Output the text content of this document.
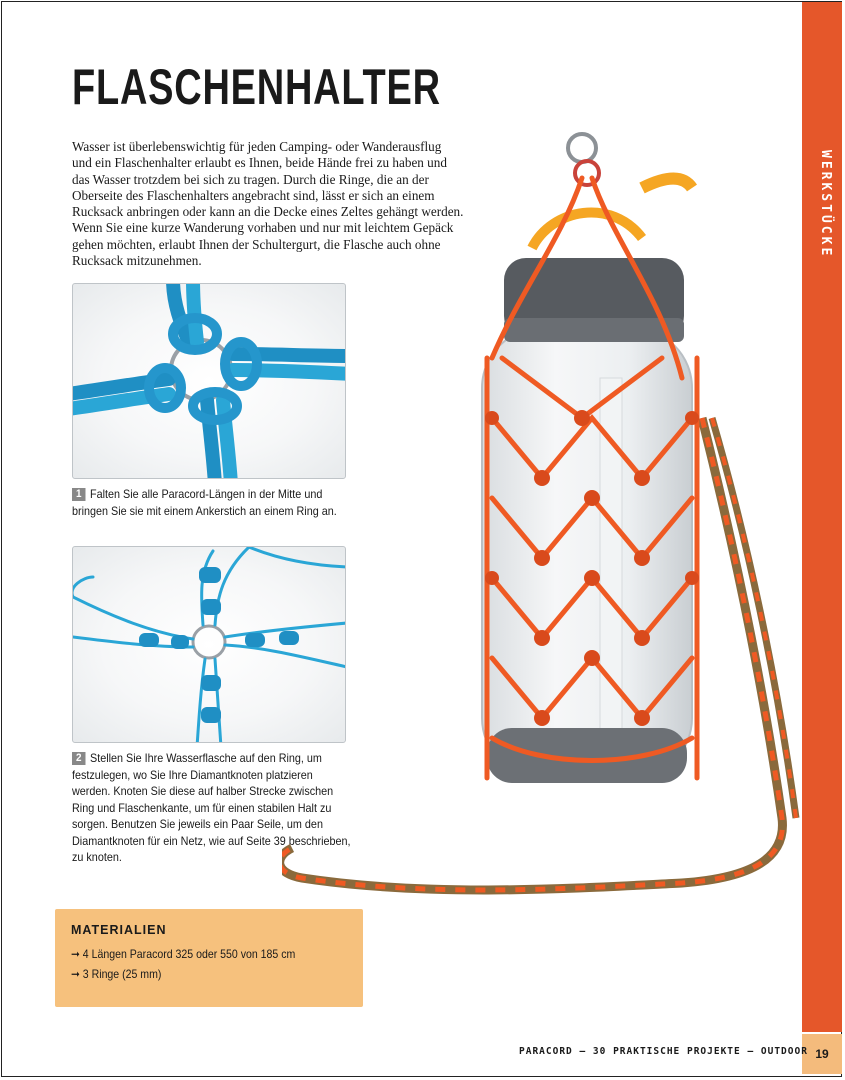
WERKSTÜCKE
19
FLASCHENHALTER

Wasser ist überlebenswichtig für jeden Camping- oder Wanderausflug und ein Flaschenhalter erlaubt es Ihnen, beide Hände frei zu haben und das Wasser trotzdem bei sich zu tragen. Durch die Ringe, die an der Oberseite des Flaschenhalters angebracht sind, lässt er sich an einem Rucksack anbringen oder kann an die Decke eines Zeltes gehängt werden. Wenn Sie eine kurze Wanderung vorhaben und nur mit leichtem Gepäck gehen möchten, erlaubt Ihnen der Schultergurt, die Flasche auch ohne Rucksack mitzunehmen.

1 Falten Sie alle Paracord-Längen in der Mitte und bringen Sie sie mit einem Ankerstich an einem Ring an.
2 Stellen Sie Ihre Wasserflasche auf den Ring, um festzulegen, wo Sie Ihre Diamantknoten platzieren werden. Knoten Sie diese auf halber Strecke zwischen Ring und Flaschenkante, um für einen stabilen Halt zu sorgen. Benutzen Sie jeweils ein Paar Seile, um den Diamantknoten für ein Netz, wie auf Seite 39 beschrieben, zu knoten.
MATERIALIEN
➞ 4 Längen Paracord 325 oder 550 von 185 cm
➞ 3 Ringe (25 mm)
PARACORD – 30 PRAKTISCHE PROJEKTE – OUTDOOR
